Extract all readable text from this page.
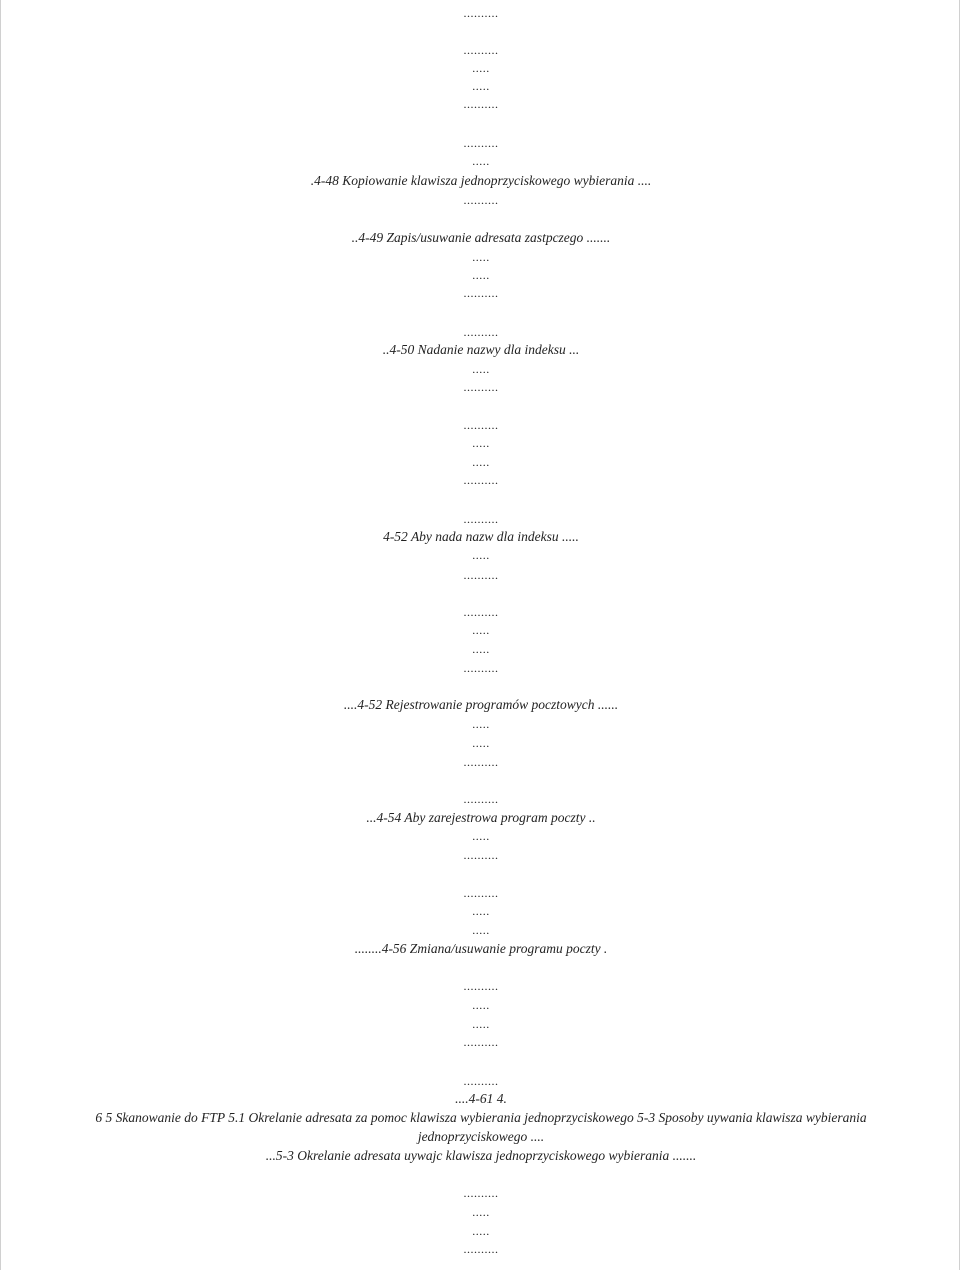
..........
..........
.....
.....
..........
..........
.....
.4-48 Kopiowanie klawisza jednoprzyciskowego wybierania ....
..........
..4-49 Zapis/usuwanie adresata zastpczego .......
.....
.....
..........
..........
..4-50 Nadanie nazwy dla indeksu ...
.....
..........
..........
.....
.....
..........
..........
4-52 Aby nada nazw dla indeksu .....
.....
..........
..........
.....
.....
..........
....4-52 Rejestrowanie programów pocztowych ......
.....
.....
..........
..........
...4-54 Aby zarejestrowa program poczty ..
.....
..........
..........
.....
.....
........4-56 Zmiana/usuwanie programu poczty .
..........
.....
.....
..........
..........
....4-61 4.
6 5 Skanowanie do FTP 5.1 Okrelanie adresata za pomoc klawisza wybierania jednoprzyciskowego 5-3 Sposoby uywania klawisza wybierania
jednoprzyciskowego ....
...5-3 Okrelanie adresata uywajc klawisza jednoprzyciskowego wybierania .......
..........
.....
.....
..........
